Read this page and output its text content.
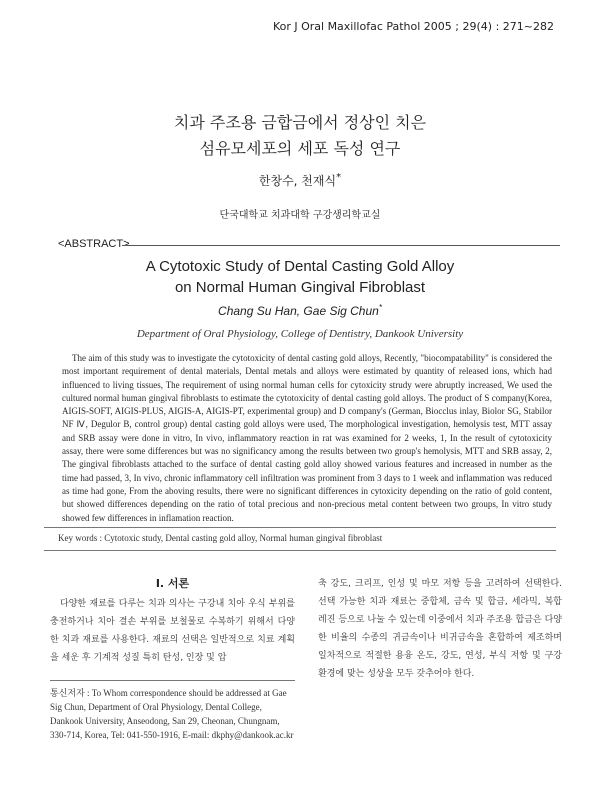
Kor J Oral Maxillofac Pathol 2005 ; 29(4) : 271~282
치과 주조용 금합금에서 정상인 치은
섬유모세포의 세포 독성 연구
한창수, 천재식*
단국대학교 치과대학 구강생리학교실
<ABSTRACT>
A Cytotoxic Study of Dental Casting Gold Alloy
on Normal Human Gingival Fibroblast
Chang Su Han, Gae Sig Chun*
Department of Oral Physiology, College of Dentistry, Dankook University
The aim of this study was to investigate the cytotoxicity of dental casting gold alloys, Recently, "biocompatability" is considered the most important requirement of dental materials, Dental metals and alloys were estimated by quantity of released ions, which had influenced to living tissues, The requirement of using normal human cells for cytoxicity strudy were abruptly increased, We used the cultured normal human gingival fibroblasts to estimate the cytotoxicity of dental casting gold alloys. The product of S company(Korea, AIGIS-SOFT, AIGIS-PLUS, AIGIS-A, AIGIS-PT, experimental group) and D company's (German, Biocclus inlay, Biolor SG, Stabilor NF Ⅳ, Degulor B, control group) dental casting gold alloys were used, The morphological investigation, hemolysis test, MTT assay and SRB assay were done in vitro, In vivo, inflammatory reaction in rat was examined for 2 weeks, 1, In the result of cytotoxicity assay, there were some differences but was no significancy among the results between two group's hemolysis, MTT and SRB assay, 2, The gingival fibroblasts attached to the surface of dental casting gold alloy showed various features and increased in number as the time had passed, 3, In vivo, chronic inflammatory cell infiltration was prominent from 3 days to 1 week and inflammation was reduced as time had gone, From the aboving results, there were no significant differences in cytoxicity depending on the ratio of gold content, but showed differences depending on the ratio of total precious and non-precious metal content between two groups, In vitro study showed few differences in inflamation reaction.
Key words : Cytotoxic study, Dental casting gold alloy, Normal human gingival fibroblast
Ⅰ. 서론
다양한 재료를 다루는 치과 의사는 구강내 치아 우식 부위를 충전하거나 치아 결손 부위를 보철물로 수복하기 위해서 다양한 치과 재료를 사용한다. 재료의 선택은 일반적으로 치료 계획을 세운 후 기계적 성질 특히 탄성, 인장 및 압
축 강도, 크리프, 인성 및 마모 저항 등을 고려하여 선택한다. 선택 가능한 치과 재료는 중합체, 금속 및 합금, 세라믹, 복합 레진 등으로 나눌 수 있는데 이중에서 치과 주조용 합금은 다양한 비율의 수종의 귀금속이나 비귀금속을 혼합하여 제조하며 일차적으로 적절한 용융 온도, 강도, 연성, 부식 저항 및 구강 환경에 맞는 성상을 모두 갖추어야 한다.
통신저자 : To Whom correspondence should be addressed at Gae Sig Chun, Department of Oral Physiology, Dental College, Dankook University, Anseodong, San 29, Cheonan, Chungnam, 330-714, Korea, Tel: 041-550-1916, E-mail: dkphy@dankook.ac.kr
